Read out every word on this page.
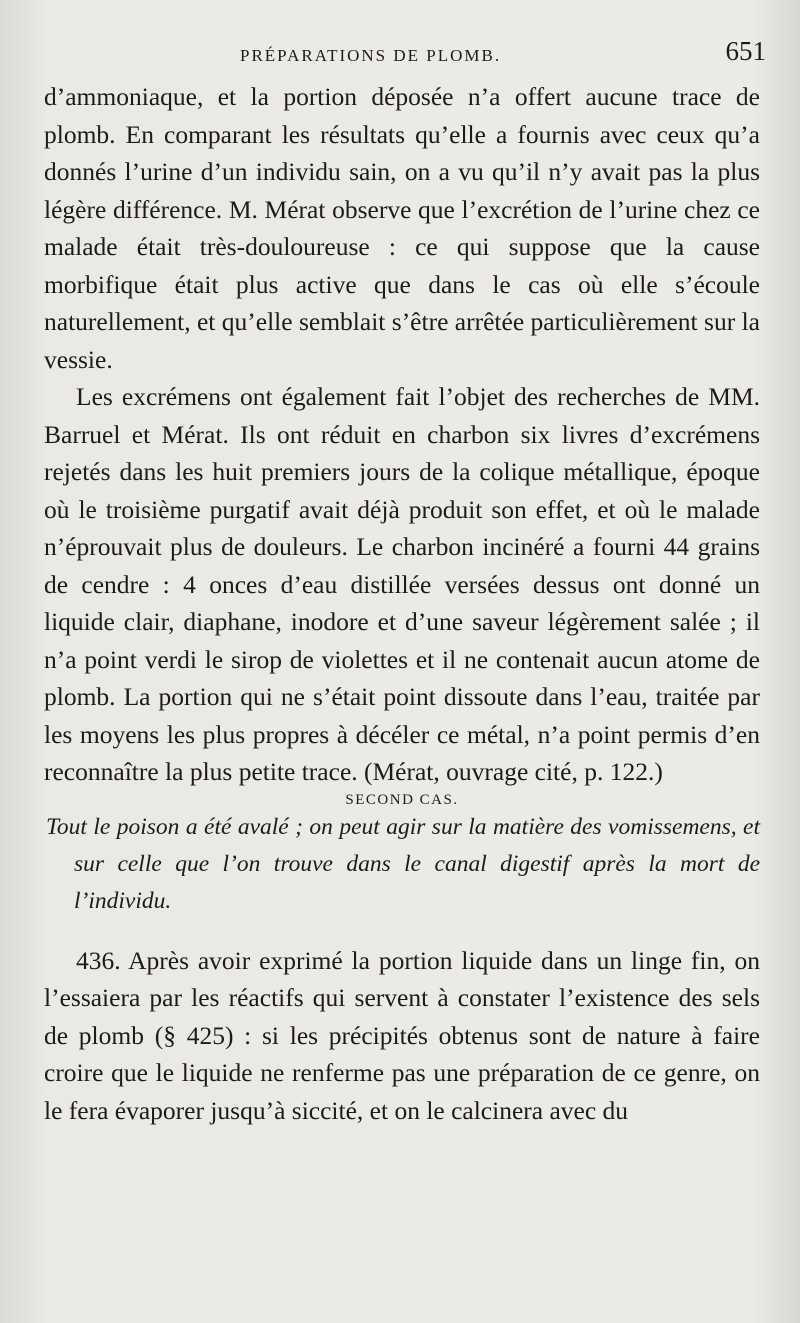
PRÉPARATIONS DE PLOMB.	651

d’ammoniaque, et la portion déposée n’a offert aucune trace de plomb. En comparant les résultats qu’elle a fournis avec ceux qu’a donnés l’urine d’un individu sain, on a vu qu’il n’y avait pas la plus légère différence. M. Mérat observe que l’excrétion de l’urine chez ce malade était très-douloureuse : ce qui suppose que la cause morbifique était plus active que dans le cas où elle s’écoule naturellement, et qu’elle semblait s’être arrêtée particulièrement sur la vessie.

Les excrémens ont également fait l’objet des recherches de MM. Barruel et Mérat. Ils ont réduit en charbon six livres d’excrémens rejetés dans les huit premiers jours de la colique métallique, époque où le troisième purgatif avait déjà produit son effet, et où le malade n’éprouvait plus de douleurs. Le charbon incinéré a fourni 44 grains de cendre : 4 onces d’eau distillée versées dessus ont donné un liquide clair, diaphane, inodore et d’une saveur légèrement salée ; il n’a point verdi le sirop de violettes et il ne contenait aucun atome de plomb. La portion qui ne s’était point dissoute dans l’eau, traitée par les moyens les plus propres à décéler ce métal, n’a point permis d’en reconnaître la plus petite trace. (Mérat, ouvrage cité, p. 122.)

SECOND CAS.

Tout le poison a été avalé ; on peut agir sur la matière des vomissemens, et sur celle que l’on trouve dans le canal digestif après la mort de l’individu.

436. Après avoir exprimé la portion liquide dans un linge fin, on l’essaiera par les réactifs qui servent à constater l’existence des sels de plomb (§ 425) : si les précipités obtenus sont de nature à faire croire que le liquide ne renferme pas une préparation de ce genre, on le fera évaporer jusqu’à siccité, et on le calcinera avec du
